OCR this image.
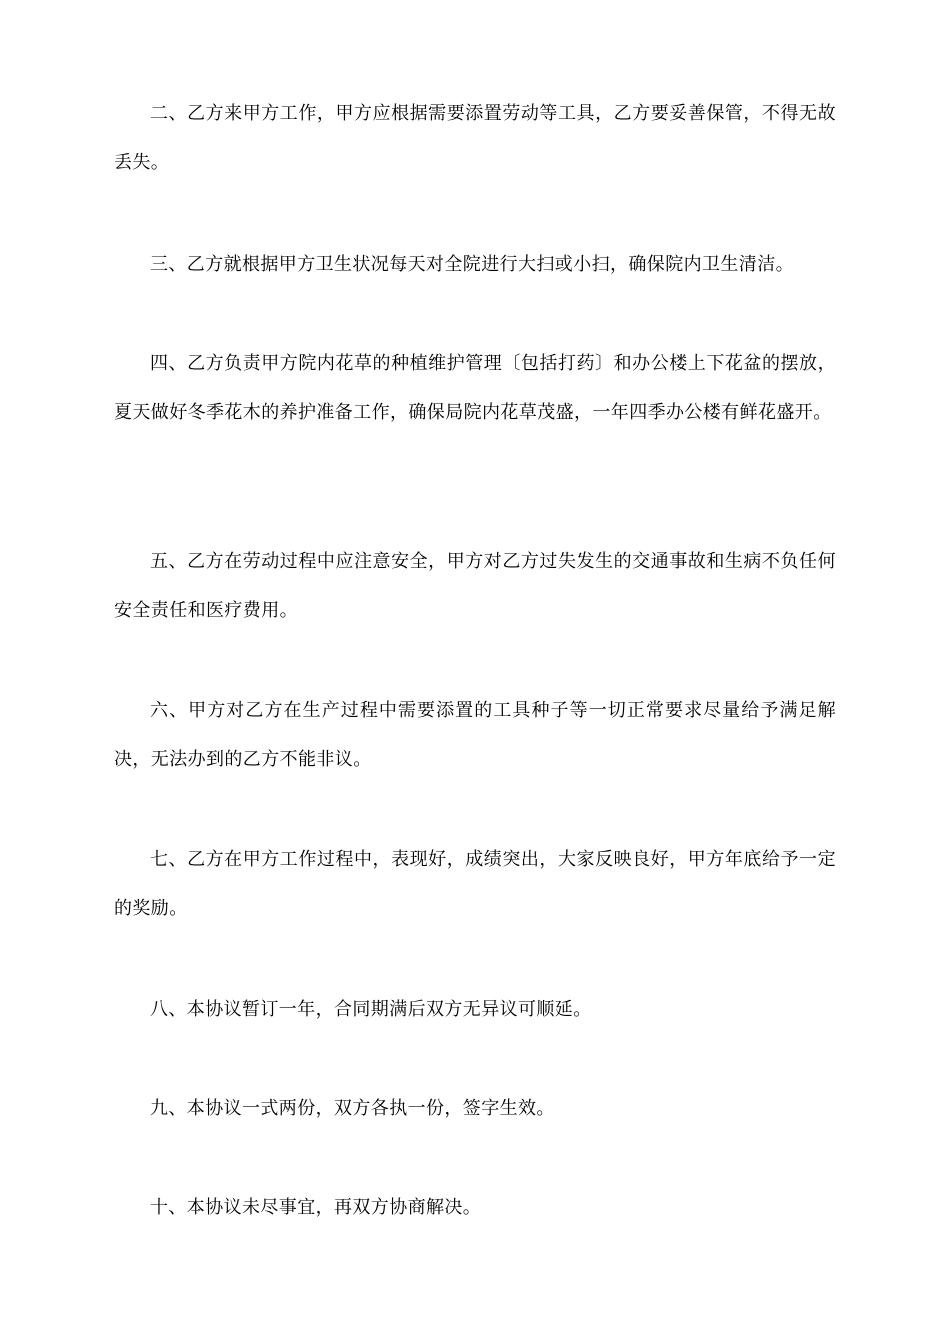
二、乙方来甲方工作，甲方应根据需要添置劳动等工具，乙方要妥善保管，不得无故丢失。

三、乙方就根据甲方卫生状况每天对全院进行大扫或小扫，确保院内卫生清洁。

四、乙方负责甲方院内花草的种植维护管理〔包括打药〕和办公楼上下花盆的摆放，夏天做好冬季花木的养护准备工作，确保局院内花草茂盛，一年四季办公楼有鲜花盛开。

五、乙方在劳动过程中应注意安全，甲方对乙方过失发生的交通事故和生病不负任何安全责任和医疗费用。

六、甲方对乙方在生产过程中需要添置的工具种子等一切正常要求尽量给予满足解决，无法办到的乙方不能非议。

七、乙方在甲方工作过程中，表现好，成绩突出，大家反映良好，甲方年底给予一定的奖励。

八、本协议暂订一年，合同期满后双方无异议可顺延。

九、本协议一式两份，双方各执一份，签字生效。

十、本协议未尽事宜，再双方协商解决。
